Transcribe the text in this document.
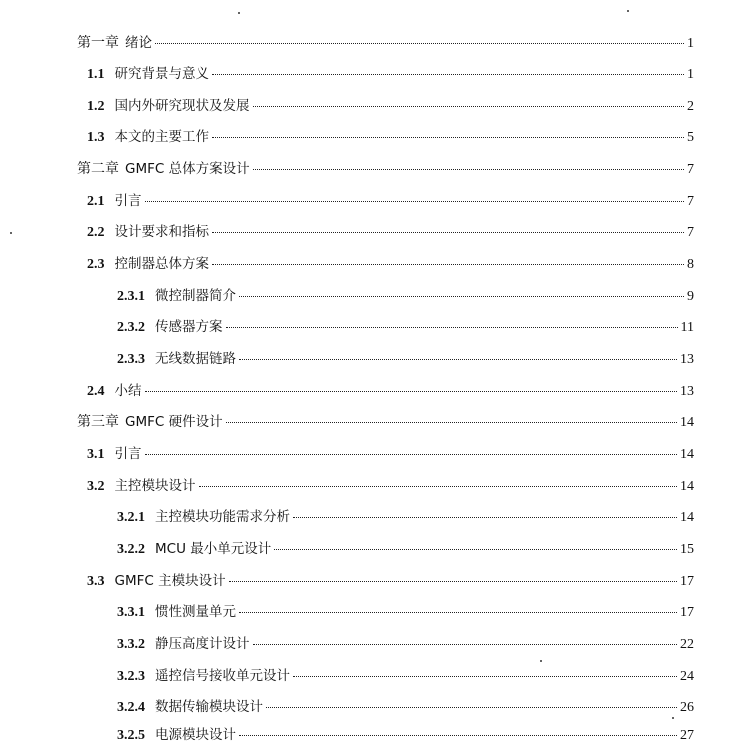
第一章 绪论	1
1.1 研究背景与意义	1
1.2 国内外研究现状及发展	2
1.3 本文的主要工作	5
第二章 GMFC 总体方案设计	7
2.1 引言	7
2.2 设计要求和指标	7
2.3 控制器总体方案	8
2.3.1 微控制器简介	9
2.3.2 传感器方案	11
2.3.3 无线数据链路	13
2.4 小结	13
第三章 GMFC 硬件设计	14
3.1 引言	14
3.2 主控模块设计	14
3.2.1 主控模块功能需求分析	14
3.2.2 MCU 最小单元设计	15
3.3 GMFC 主模块设计	17
3.3.1 惯性测量单元	17
3.3.2 静压高度计设计	22
3.2.3 遥控信号接收单元设计	24
3.2.4 数据传输模块设计	26
3.2.5 电源模块设计	27
